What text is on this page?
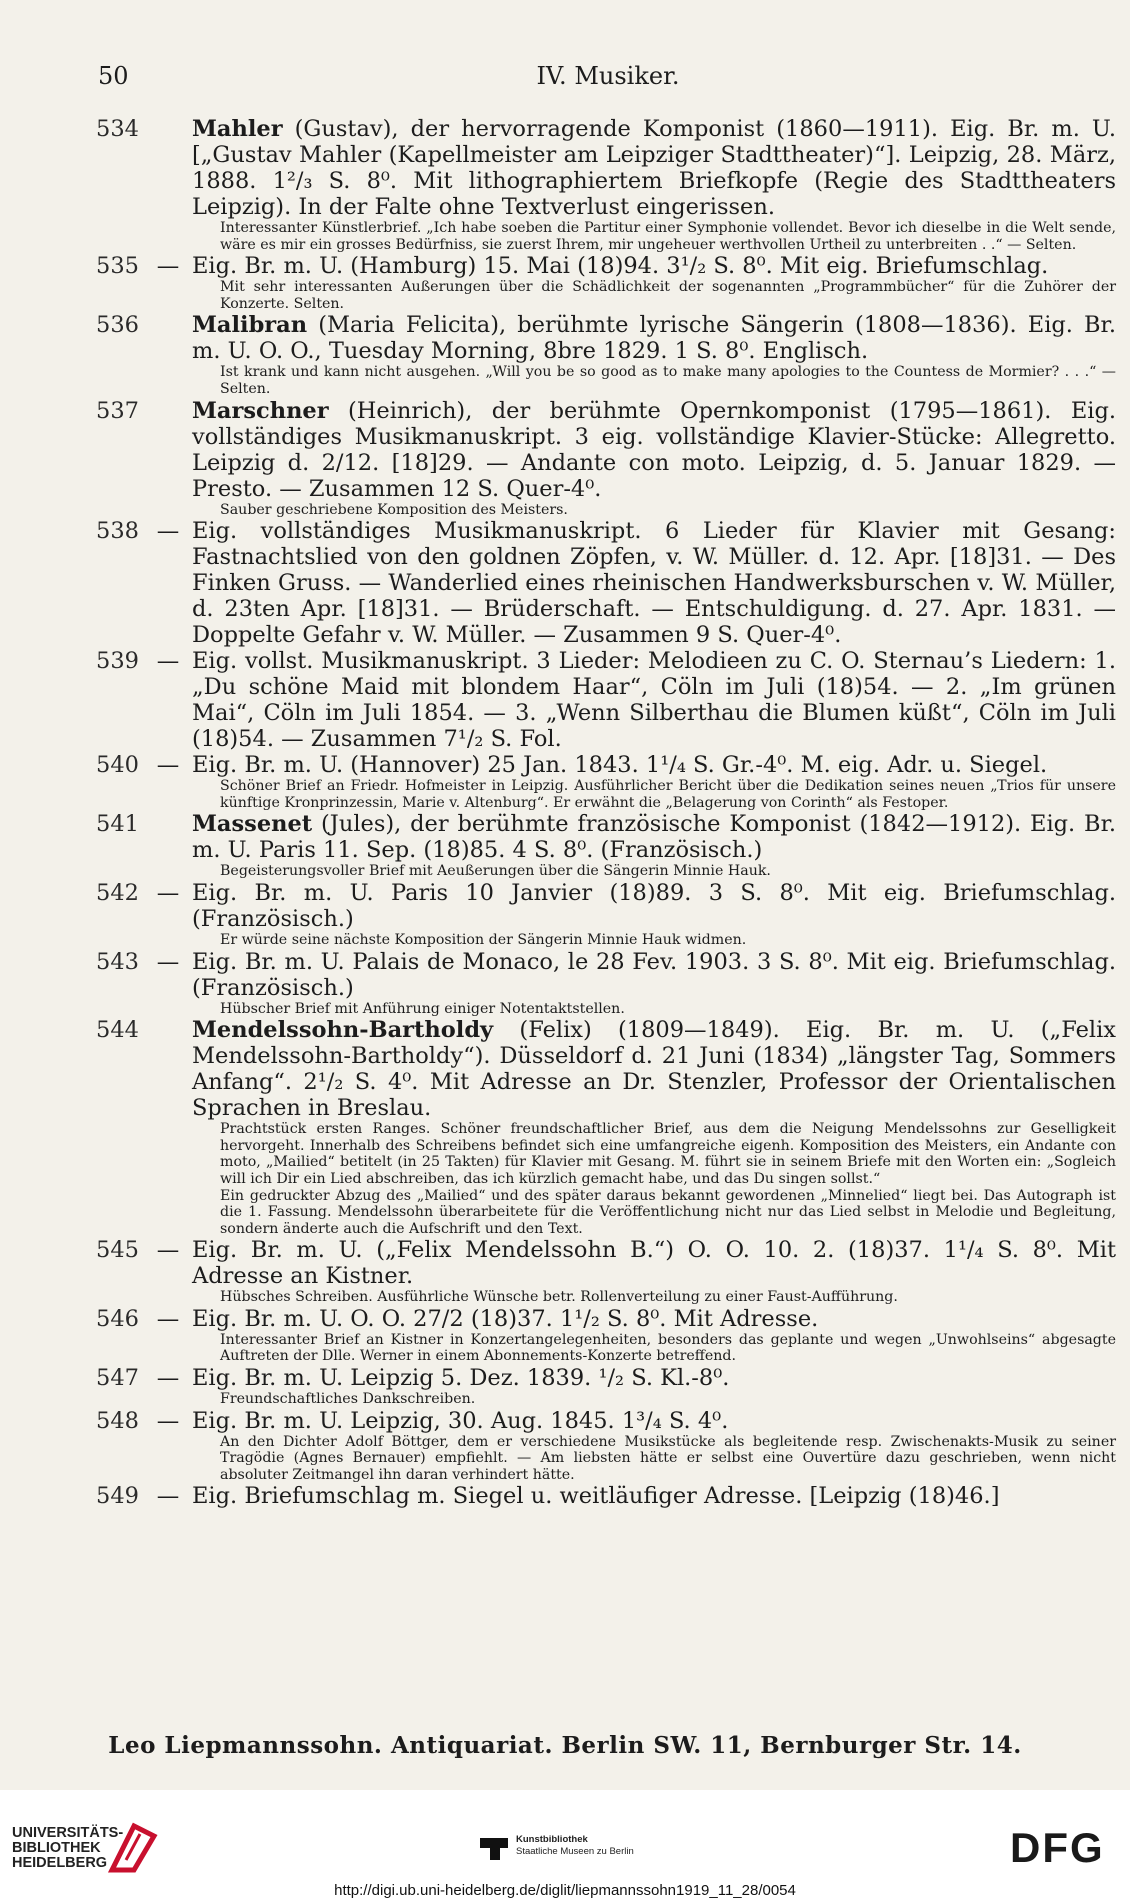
50	IV. Musiker.
534 Mahler (Gustav), der hervorragende Komponist (1860—1911). Eig. Br. m. U. [„Gustav Mahler (Kapellmeister am Leipziger Stadttheater)“]. Leipzig, 28. März, 1888. 1²/₃ S. 8⁰. Mit lithographiertem Briefkopfe (Regie des Stadttheaters Leipzig). In der Falte ohne Textverlust eingerissen.

Interessanter Künstlerbrief. „Ich habe soeben die Partitur einer Symphonie vollendet. Bevor ich dieselbe in die Welt sende, wäre es mir ein grosses Bedürfniss, sie zuerst Ihrem, mir ungeheuer werthvollen Urtheil zu unterbreiten . .“ — Selten.

535 — Eig. Br. m. U. (Hamburg) 15. Mai (18)94. 3¹/₂ S. 8⁰. Mit eig. Briefumschlag.

Mit sehr interessanten Außerungen über die Schädlichkeit der sogenannten „Programmbücher“ für die Zuhörer der Konzerte. Selten.

536 Malibran (Maria Felicita), berühmte lyrische Sängerin (1808—1836). Eig. Br. m. U. O. O., Tuesday Morning, 8bre 1829. 1 S. 8⁰. Englisch.

Ist krank und kann nicht ausgehen. „Will you be so good as to make many apologies to the Countess de Mormier? . . .“ — Selten.

537 Marschner (Heinrich), der berühmte Opernkomponist (1795—1861). Eig. vollständiges Musikmanuskript. 3 eig. vollständige Klavier-Stücke: Allegretto. Leipzig d. 2/12. [18]29. — Andante con moto. Leipzig, d. 5. Januar 1829. — Presto. — Zusammen 12 S. Quer-4⁰.

Sauber geschriebene Komposition des Meisters.

538 — Eig. vollständiges Musikmanuskript. 6 Lieder für Klavier mit Gesang: Fastnachtslied von den goldnen Zöpfen, v. W. Müller. d. 12. Apr. [18]31. — Des Finken Gruss. — Wanderlied eines rheinischen Handwerksburschen v. W. Müller, d. 23ten Apr. [18]31. — Brüderschaft. — Entschuldigung. d. 27. Apr. 1831. — Doppelte Gefahr v. W. Müller. — Zusammen 9 S. Quer-4⁰.

539 — Eig. vollst. Musikmanuskript. 3 Lieder: Melodieen zu C. O. Sternau’s Liedern: 1. „Du schöne Maid mit blondem Haar“, Cöln im Juli (18)54. — 2. „Im grünen Mai“, Cöln im Juli 1854. — 3. „Wenn Silberthau die Blumen küßt“, Cöln im Juli (18)54. — Zusammen 7¹/₂ S. Fol.

540 — Eig. Br. m. U. (Hannover) 25 Jan. 1843. 1¹/₄ S. Gr.-4⁰. M. eig. Adr. u. Siegel.

Schöner Brief an Friedr. Hofmeister in Leipzig. Ausführlicher Bericht über die Dedikation seines neuen „Trios für unsere künftige Kronprinzessin, Marie v. Altenburg“. Er erwähnt die „Belagerung von Corinth“ als Festoper.

541 Massenet (Jules), der berühmte französische Komponist (1842—1912). Eig. Br. m. U. Paris 11. Sep. (18)85. 4 S. 8⁰. (Französisch.)

Begeisterungsvoller Brief mit Aeußerungen über die Sängerin Minnie Hauk.

542 — Eig. Br. m. U. Paris 10 Janvier (18)89. 3 S. 8⁰. Mit eig. Briefumschlag. (Französisch.)

Er würde seine nächste Komposition der Sängerin Minnie Hauk widmen.

543 — Eig. Br. m. U. Palais de Monaco, le 28 Fev. 1903. 3 S. 8⁰. Mit eig. Briefumschlag. (Französisch.)

Hübscher Brief mit Anführung einiger Notentaktstellen.

544 Mendelssohn-Bartholdy (Felix) (1809—1849). Eig. Br. m. U. („Felix Mendelssohn-Bartholdy“). Düsseldorf d. 21 Juni (1834) „längster Tag, Sommers Anfang“. 2¹/₂ S. 4⁰. Mit Adresse an Dr. Stenzler, Professor der Orientalischen Sprachen in Breslau.

Prachtstück ersten Ranges. Schöner freundschaftlicher Brief, aus dem die Neigung Mendelssohns zur Geselligkeit hervorgeht. Innerhalb des Schreibens befindet sich eine umfangreiche eigenh. Komposition des Meisters, ein Andante con moto, „Mailied“ betitelt (in 25 Takten) für Klavier mit Gesang. M. führt sie in seinem Briefe mit den Worten ein: „Sogleich will ich Dir ein Lied abschreiben, das ich kürzlich gemacht habe, und das Du singen sollst.“

Ein gedruckter Abzug des „Mailied“ und des später daraus bekannt gewordenen „Minnelied“ liegt bei. Das Autograph ist die 1. Fassung. Mendelssohn überarbeitete für die Veröffentlichung nicht nur das Lied selbst in Melodie und Begleitung, sondern änderte auch die Aufschrift und den Text.

545 — Eig. Br. m. U. („Felix Mendelssohn B.“) O. O. 10. 2. (18)37. 1¹/₄ S. 8⁰. Mit Adresse an Kistner.

Hübsches Schreiben. Ausführliche Wünsche betr. Rollenverteilung zu einer Faust-Aufführung.

546 — Eig. Br. m. U. O. O. 27/2 (18)37. 1¹/₂ S. 8⁰. Mit Adresse.

Interessanter Brief an Kistner in Konzertangelegenheiten, besonders das geplante und wegen „Unwohlseins“ abgesagte Auftreten der Dlle. Werner in einem Abonnements-Konzerte betreffend.

547 — Eig. Br. m. U. Leipzig 5. Dez. 1839. ¹/₂ S. Kl.-8⁰.

Freundschaftliches Dankschreiben.

548 — Eig. Br. m. U. Leipzig, 30. Aug. 1845. 1³/₄ S. 4⁰.

An den Dichter Adolf Böttger, dem er verschiedene Musikstücke als begleitende resp. Zwischenakts-Musik zu seiner Tragödie (Agnes Bernauer) empfiehlt. — Am liebsten hätte er selbst eine Ouvertüre dazu geschrieben, wenn nicht absoluter Zeitmangel ihn daran verhindert hätte.

549 — Eig. Briefumschlag m. Siegel u. weitläufiger Adresse. [Leipzig (18)46.]

Leo Liepmannssohn. Antiquariat. Berlin SW. 11, Bernburger Str. 14.
UNIVERSITÄTS-
BIBLIOTHEK
HEIDELBERG
Kunstbibliothek
Staatliche Museen zu Berlin	DFG
http://digi.ub.uni-heidelberg.de/diglit/liepmannssohn1919_11_28/0054
